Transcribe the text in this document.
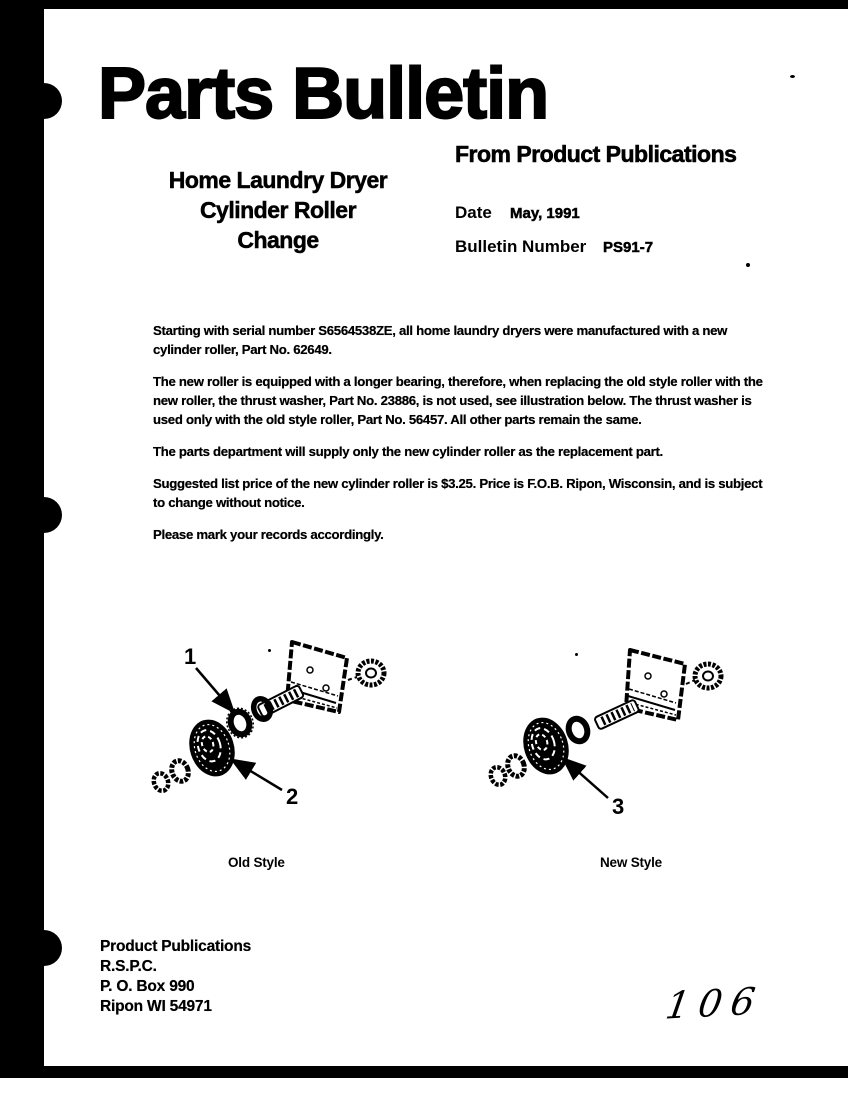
Parts Bulletin
From Product Publications
Home Laundry Dryer
Cylinder Roller
Change
Date May, 1991
Bulletin Number PS91-7

Starting with serial number S6564538ZE, all home laundry dryers were manufactured with a new cylinder roller, Part No. 62649.

The new roller is equipped with a longer bearing, therefore, when replacing the old style roller with the new roller, the thrust washer, Part No. 23886, is not used, see illustration below. The thrust washer is used only with the old style roller, Part No. 56457. All other parts remain the same.

The parts department will supply only the new cylinder roller as the replacement part.

Suggested list price of the new cylinder roller is $3.25. Price is F.O.B. Ripon, Wisconsin, and is subject to change without notice.

Please mark your records accordingly.

1
2	3
Old Style	New Style
Product Publications
R.S.P.C.
P. O. Box 990
Ripon WI 54971	106
